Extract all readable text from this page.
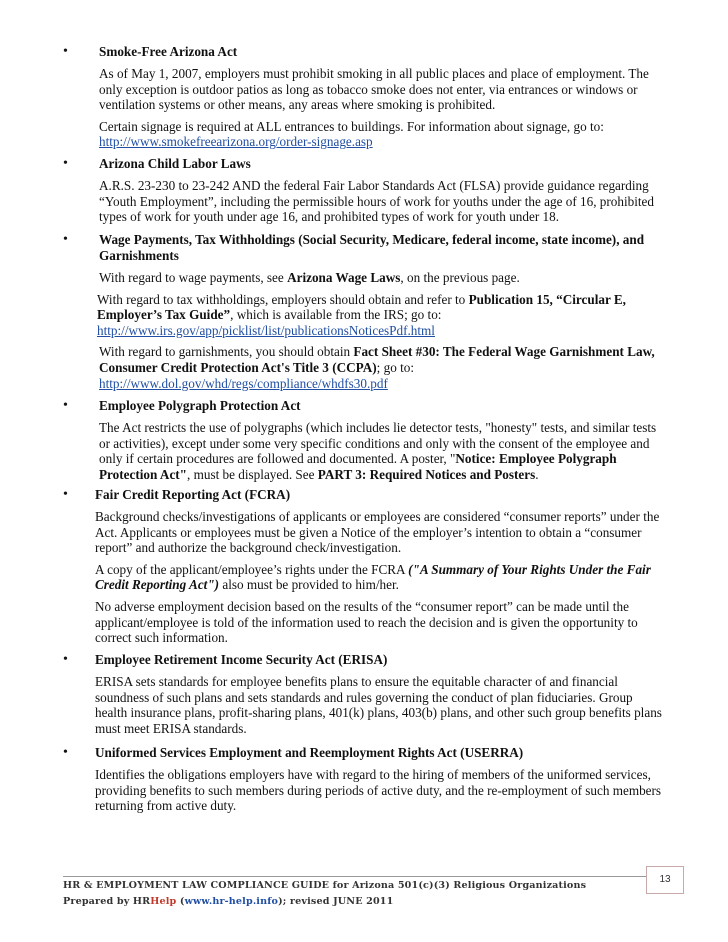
• Smoke-Free Arizona Act
As of May 1, 2007, employers must prohibit smoking in all public places and place of employment. The only exception is outdoor patios as long as tobacco smoke does not enter, via entrances or windows or ventilation systems or other means, any areas where smoking is prohibited.
Certain signage is required at ALL entrances to buildings. For information about signage, go to: http://www.smokefreearizona.org/order-signage.asp
• Arizona Child Labor Laws
A.R.S. 23-230 to 23-242 AND the federal Fair Labor Standards Act (FLSA) provide guidance regarding “Youth Employment”, including the permissible hours of work for youths under the age of 16, prohibited types of work for youth under age 16, and prohibited types of work for youth under 18.
• Wage Payments, Tax Withholdings (Social Security, Medicare, federal income, state income), and
Garnishments
With regard to wage payments, see Arizona Wage Laws, on the previous page.
With regard to tax withholdings, employers should obtain and refer to Publication 15, “Circular E, Employer’s Tax Guide”, which is available from the IRS; go to:
http://www.irs.gov/app/picklist/list/publicationsNoticesPdf.html
With regard to garnishments, you should obtain Fact Sheet #30: The Federal Wage Garnishment Law, Consumer Credit Protection Act's Title 3 (CCPA); go to:
http://www.dol.gov/whd/regs/compliance/whdfs30.pdf
• Employee Polygraph Protection Act
The Act restricts the use of polygraphs (which includes lie detector tests, "honesty" tests, and similar tests or activities), except under some very specific conditions and only with the consent of the employee and only if certain procedures are followed and documented. A poster, "Notice: Employee Polygraph Protection Act", must be displayed. See PART 3: Required Notices and Posters.
• Fair Credit Reporting Act (FCRA)
Background checks/investigations of applicants or employees are considered “consumer reports” under the Act. Applicants or employees must be given a Notice of the employer’s intention to obtain a “consumer report” and authorize the background check/investigation.
A copy of the applicant/employee’s rights under the FCRA ("A Summary of Your Rights Under the Fair Credit Reporting Act") also must be provided to him/her.
No adverse employment decision based on the results of the “consumer report” can be made until the applicant/employee is told of the information used to reach the decision and is given the opportunity to correct such information.
• Employee Retirement Income Security Act (ERISA)
ERISA sets standards for employee benefits plans to ensure the equitable character of and financial soundness of such plans and sets standards and rules governing the conduct of plan fiduciaries. Group health insurance plans, profit-sharing plans, 401(k) plans, 403(b) plans, and other such group benefits plans must meet ERISA standards.
• Uniformed Services Employment and Reemployment Rights Act (USERRA)
Identifies the obligations employers have with regard to the hiring of members of the uniformed services, providing benefits to such members during periods of active duty, and the re-employment of such members returning from active duty.
13
HR & EMPLOYMENT LAW COMPLIANCE GUIDE for Arizona 501(c)(3) Religious Organizations
Prepared by HRHelp (www.hr-help.info); revised JUNE 2011
